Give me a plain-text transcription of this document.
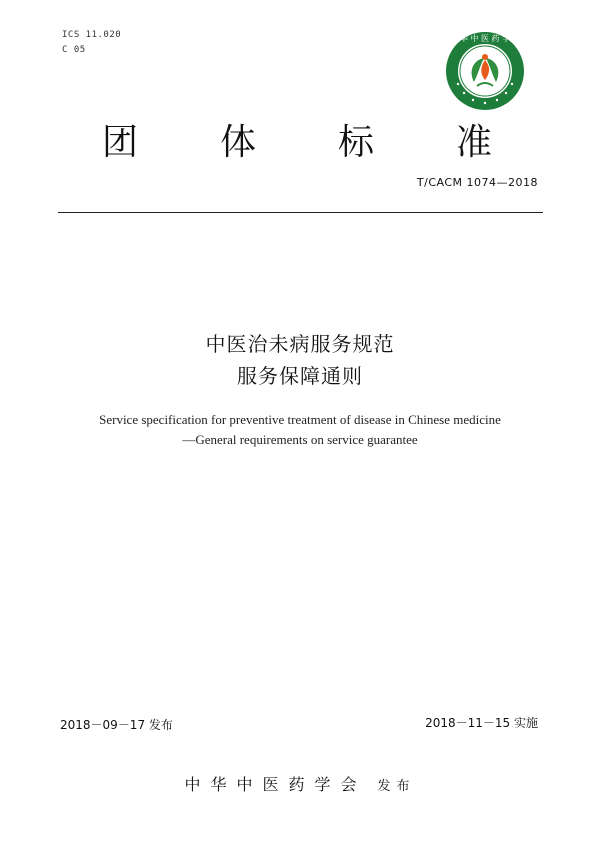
ICS 11.020
C 05
中 华 中 医 药 学 会
团 体 标 准
T/CACM 1074—2018
中医治未病服务规范
服务保障通则
Service specification for preventive treatment of disease in Chinese medicine
—General requirements on service guarantee
2018－09－17 发布	2018－11－15 实施
中华中医药学会 发布
